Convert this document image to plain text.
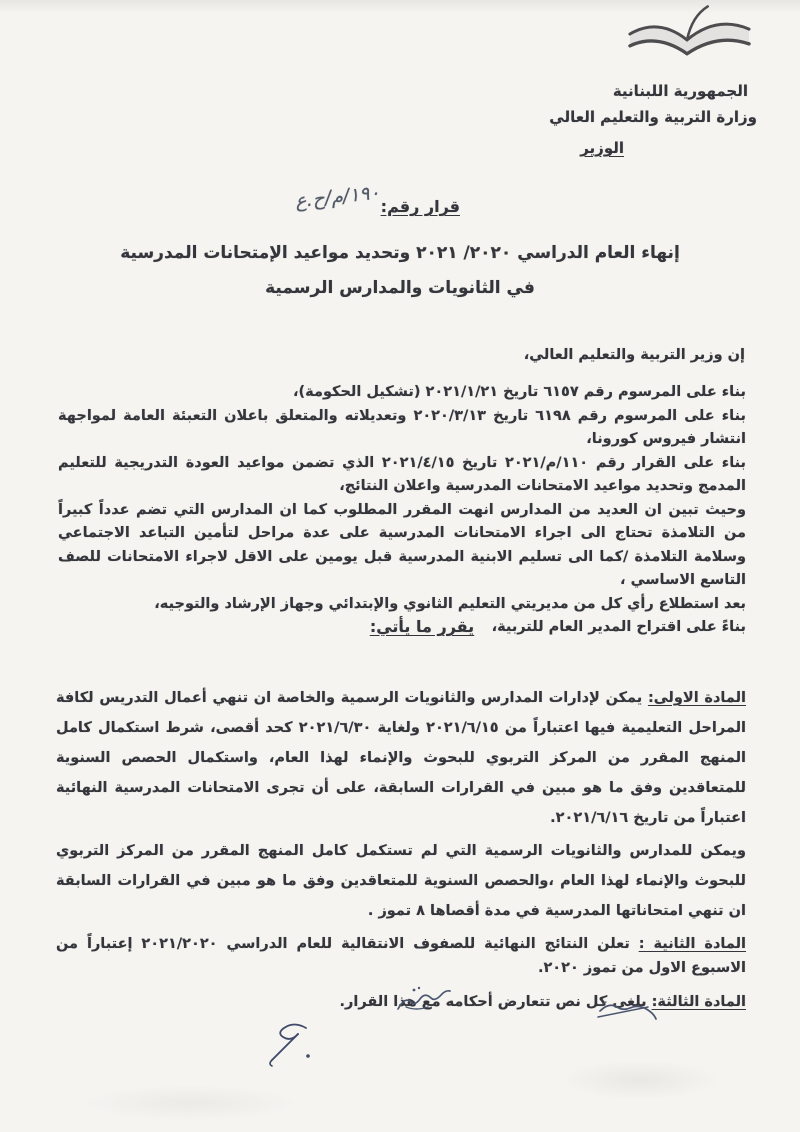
الجمهورية اللبنانية
وزارة التربية والتعليم العالي
الوزير
قرار رقم:
١٩٠/م/ح.ع
إنهاء العام الدراسي ٢٠٢٠/ ٢٠٢١ وتحديد مواعيد الإمتحانات المدرسية
في الثانويات والمدارس الرسمية
إن وزير التربية والتعليم العالي،

بناء على المرسوم رقم ٦١٥٧ تاريخ ٢٠٢١/١/٢١ (تشكيل الحكومة)،

بناء على المرسوم رقم ٦١٩٨ تاريخ ٢٠٢٠/٣/١٣ وتعديلاته والمتعلق باعلان التعبئة العامة لمواجهة انتشار فيروس كورونا،

بناء على القرار رقم ١١٠/م/٢٠٢١ تاريخ ٢٠٢١/٤/١٥ الذي تضمن مواعيد العودة التدريجية للتعليم المدمج وتحديد مواعيد الامتحانات المدرسية واعلان النتائج،

وحيث تبين ان العديد من المدارس انهت المقرر المطلوب كما ان المدارس التي تضم عدداً كبيراً من التلامذة تحتاج الى اجراء الامتحانات المدرسية على عدة مراحل لتأمين التباعد الاجتماعي وسلامة التلامذة /كما الى تسليم الابنية المدرسية قبل يومين على الاقل لاجراء الامتحانات للصف التاسع الاساسي ،

بعد استطلاع رأي كل من مديريتي التعليم الثانوي والإبتدائي وجهاز الإرشاد والتوجيه،

بناءً على اقتراح المدير العام للتربية،

يقرر ما يأتي:

المادة الاولى: يمكن لإدارات المدارس والثانويات الرسمية والخاصة ان تنهي أعمال التدريس لكافة المراحل التعليمية فيها اعتباراً من ٢٠٢١/٦/١٥ ولغاية ٢٠٢١/٦/٣٠ كحد أقصى، شرط استكمال كامل المنهج المقرر من المركز التربوي للبحوث والإنماء لهذا العام، واستكمال الحصص السنوية للمتعاقدين وفق ما هو مبين في القرارات السابقة، على أن تجرى الامتحانات المدرسية النهائية اعتباراً من تاريخ ٢٠٢١/٦/١٦.

ويمكن للمدارس والثانويات الرسمية التي لم تستكمل كامل المنهج المقرر من المركز التربوي للبحوث والإنماء لهذا العام ،والحصص السنوية للمتعاقدين وفق ما هو مبين في القرارات السابقة ان تنهي امتحاناتها المدرسية في مدة أقصاها ٨ تموز .

المادة الثانية : تعلن النتائج النهائية للصفوف الانتقالية للعام الدراسي ٢٠٢١/٢٠٢٠ إعتباراً من الاسبوع الاول من تموز ٢٠٢٠.

المادة الثالثة: يلغى كل نص تتعارض أحكامه مع هذا القرار.
